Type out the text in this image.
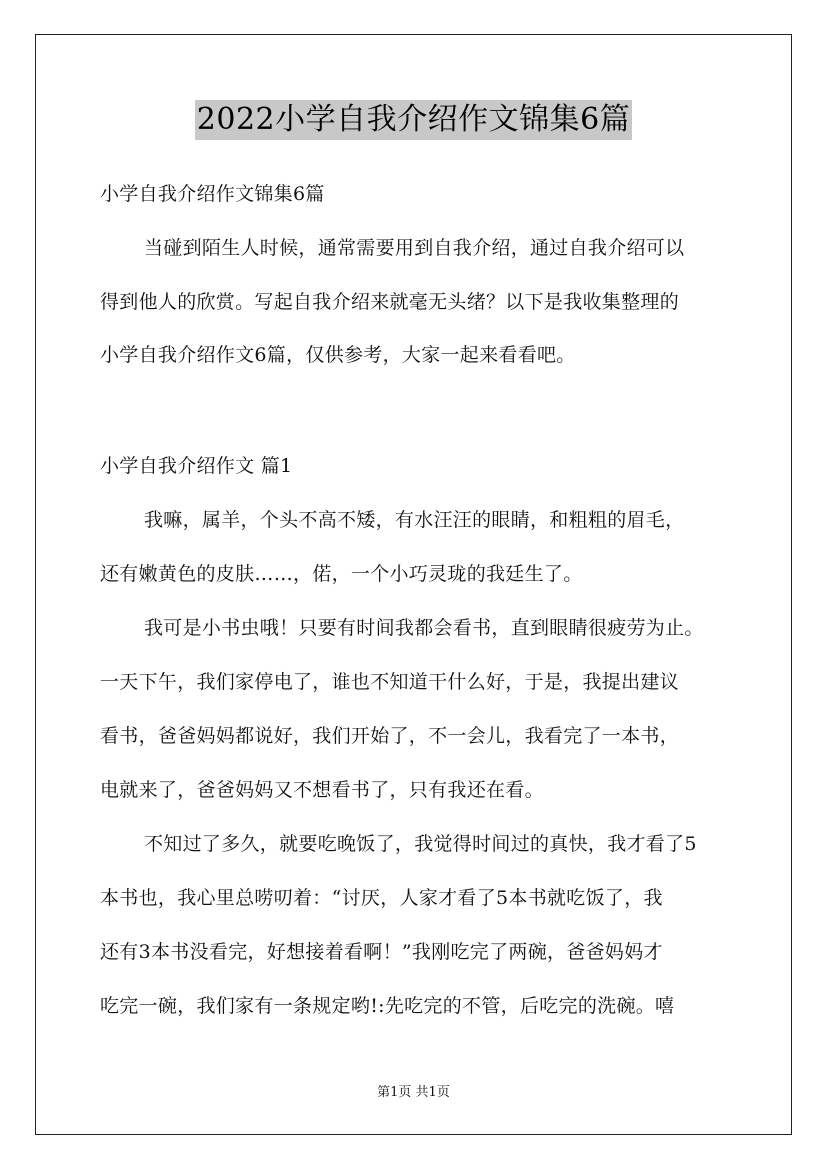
2022小学自我介绍作文锦集6篇
小学自我介绍作文锦集6篇
当碰到陌生人时候，通常需要用到自我介绍，通过自我介绍可以
得到他人的欣赏。写起自我介绍来就毫无头绪？以下是我收集整理的
小学自我介绍作文6篇，仅供参考，大家一起来看看吧。
小学自我介绍作文 篇1
我嘛，属羊，个头不高不矮，有水汪汪的眼睛，和粗粗的眉毛，
还有嫩黄色的皮肤……，偌，一个小巧灵珑的我廷生了。
我可是小书虫哦！只要有时间我都会看书，直到眼睛很疲劳为止。
一天下午，我们家停电了，谁也不知道干什么好，于是，我提出建议
看书，爸爸妈妈都说好，我们开始了，不一会儿，我看完了一本书，
电就来了，爸爸妈妈又不想看书了，只有我还在看。
不知过了多久，就要吃晚饭了，我觉得时间过的真快，我才看了5
本书也，我心里总唠叨着：“讨厌，人家才看了5本书就吃饭了，我
还有3本书没看完，好想接着看啊！”我刚吃完了两碗，爸爸妈妈才
吃完一碗，我们家有一条规定哟!:先吃完的不管，后吃完的洗碗。嘻
第1页 共1页
